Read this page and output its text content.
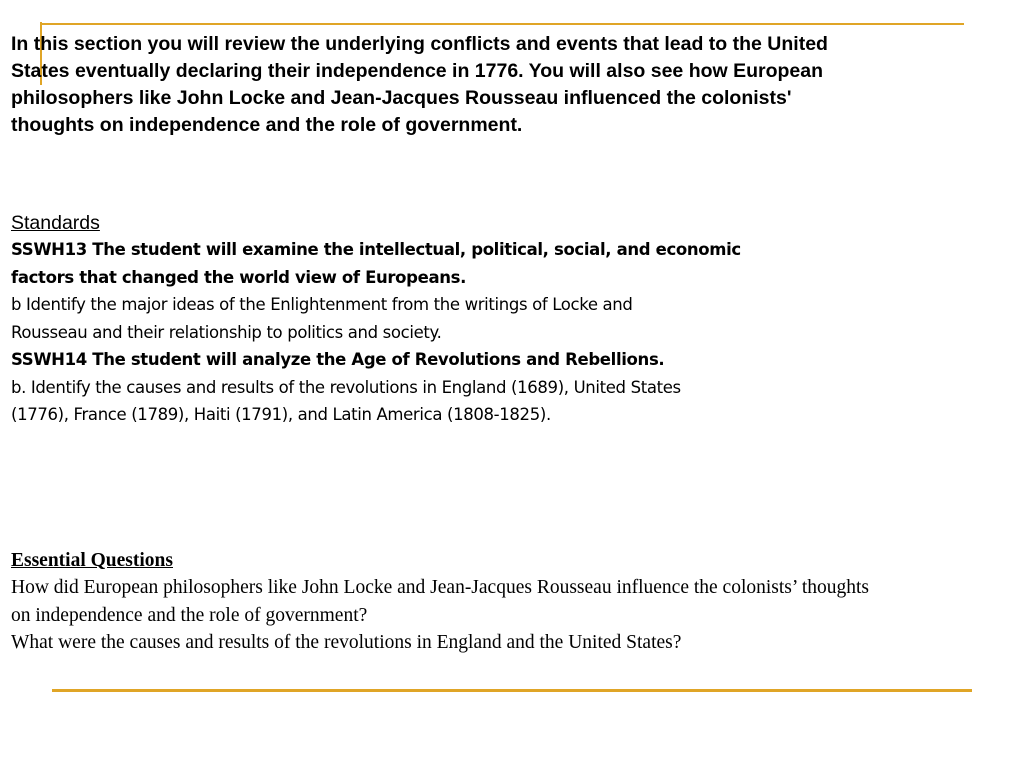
In this section you will review the underlying conflicts and events that lead to the United
States eventually declaring their independence in 1776. You will also see how European
philosophers like John Locke and Jean-Jacques Rousseau influenced the colonists'
thoughts on independence and the role of government.
Standards
SSWH13 The student will examine the intellectual, political, social, and economic
factors that changed the world view of Europeans.
b Identify the major ideas of the Enlightenment from the writings of Locke and
Rousseau and their relationship to politics and society.
SSWH14 The student will analyze the Age of Revolutions and Rebellions.
b. Identify the causes and results of the revolutions in England (1689), United States
(1776), France (1789), Haiti (1791), and Latin America (1808-1825).
Essential Questions
How did European philosophers like John Locke and Jean-Jacques Rousseau influence the colonists’ thoughts
on independence and the role of government?
What were the causes and results of the revolutions in England and the United States?
